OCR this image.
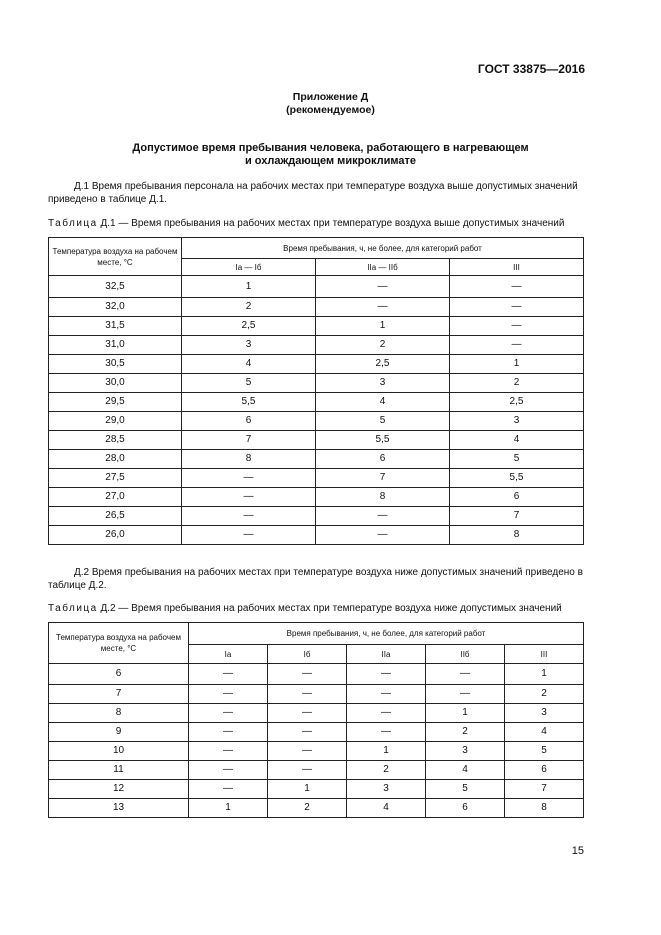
ГОСТ 33875—2016
Приложение Д
(рекомендуемое)
Допустимое время пребывания человека, работающего в нагревающем
и охлаждающем микроклимате
Д.1 Время пребывания персонала на рабочих местах при температуре воздуха выше допустимых значений приведено в таблице Д.1.
Таблица Д.1 — Время пребывания на рабочих местах при температуре воздуха выше допустимых значений
Температура воздуха на рабочем месте, °С	Время пребывания, ч, не более, для категорий работ		
	Iа — Iб	IIа — IIб	III
32,5	1	—	—
32,0	2	—	—
31,5	2,5	1	—
31,0	3	2	—
30,5	4	2,5	1
30,0	5	3	2
29,5	5,5	4	2,5
29,0	6	5	3
28,5	7	5,5	4
28,0	8	6	5
27,5	—	7	5,5
27,0	—	8	6
26,5	—	—	7
26,0	—	—	8
Д.2 Время пребывания на рабочих местах при температуре воздуха ниже допустимых значений приведено в таблице Д.2.
Таблица Д.2 — Время пребывания на рабочих местах при температуре воздуха ниже допустимых значений
Температура воздуха на рабочем месте, °С	Время пребывания, ч, не более, для категорий работ				
	Iа	Iб	IIа	IIб	III
6	—	—	—	—	1
7	—	—	—	—	2
8	—	—	—	1	3
9	—	—	—	2	4
10	—	—	1	3	5
11	—	—	2	4	6
12	—	1	3	5	7
13	1	2	4	6	8
15
